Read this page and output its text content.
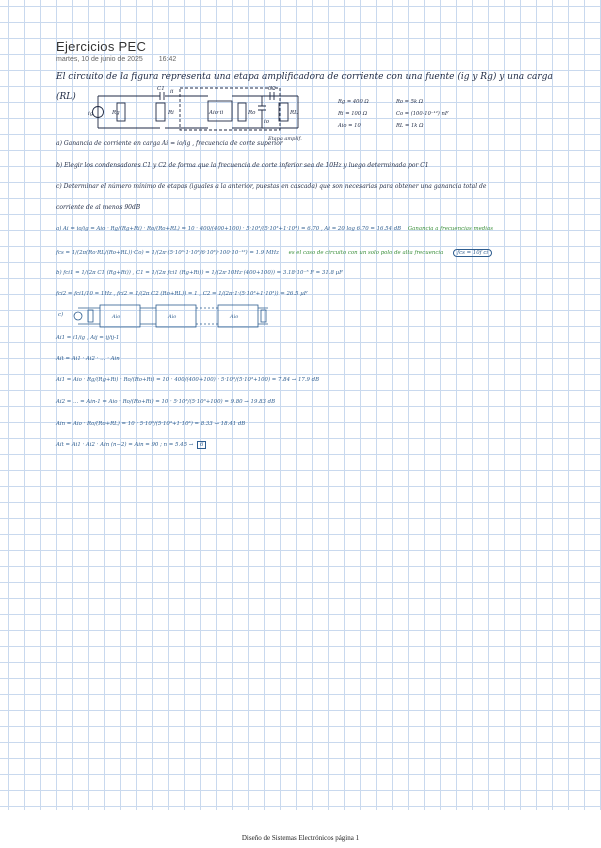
Ejercicios PEC
martes, 10 de junio de 2025 16:42
El circuito de la figura representa una etapa amplificadora de corriente con una fuente (ig y Rg) y una carga
(RL)
ig	Rg
C1
Ri	Aio·ii	Ro
C2
RL
ii
io
Etapa amplif.
Rg = 400 Ω
Ri = 100 Ω
Aio = 10
Ro = 5k Ω
Co = (100·10⁻¹²) nF
RL = 1k Ω
Aio	Aio	Aio
a) Ganancia de corriente en carga Ai = io/ig , frecuencia de corte superior
b) Elegir los condensadores C1 y C2 de forma que la frecuencia de corte inferior sea de 10Hz y luego determinada por C1
c) Determinar el número mínimo de etapas (iguales a la anterior, puestas en cascada) que son necesarias para obtener una ganancia total de
corriente de al menos 90dB
a) Ai = io/ig = Aio · Rg/(Rg+Ri) · Ro/(Ro+RL) = 10 · 400/(400+100) · 5·10³/(5·10³+1·10³) = 6.70 , Ai = 20 log 6.70 = 16.54 dB Ganancia a frecuencias medias
fcs = 1/(2π(Ro·RL/(Ro+RL))·Co) = 1/(2π·(5·10³·1·10³/6·10³)·100·10⁻¹²) = 1.9 MHz es el caso de circuito con un solo polo de alta frecuencia	fcs = 10f ci
b) fci1 = 1/(2π C1 (Rg+Ri)) , C1 = 1/(2π fci1 (Rg+Ri)) = 1/(2π·10Hz·(400+100)) = 3.18·10⁻⁵ F = 31.8 µF
fci2 = fci1/10 = 1Hz , fci2 = 1/(2π C2 (Ro+RL)) = 1 , C2 = 1/(2π·1·(5·10³+1·10³)) = 26.5 µF
c)
Ai1 = i1/ig , Aij = ij/ij-1
Ait = Ai1 · Ai2 · … · Ain
Ai1 = Aio · Rg/(Rg+Ri) · Ro/(Ro+Ri) = 10 · 400/(400+100) · 5·10³/(5·10³+100) = 7.84 → 17.9 dB
Ai2 = … = Ain-1 = Aio · Ro/(Ro+Ri) = 10 · 5·10³/(5·10³+100) = 9.80 → 19.83 dB
Ain = Aio · Ro/(Ro+RL) = 10 · 5·10³/(5·10³+1·10³) = 8.33 → 18.41 dB
Ait = Ai1 · Ai2 · Ain (n−2) = Ain = 90 ; n = 5.45 → 6
Diseño de Sistemas Electrónicos página 1
